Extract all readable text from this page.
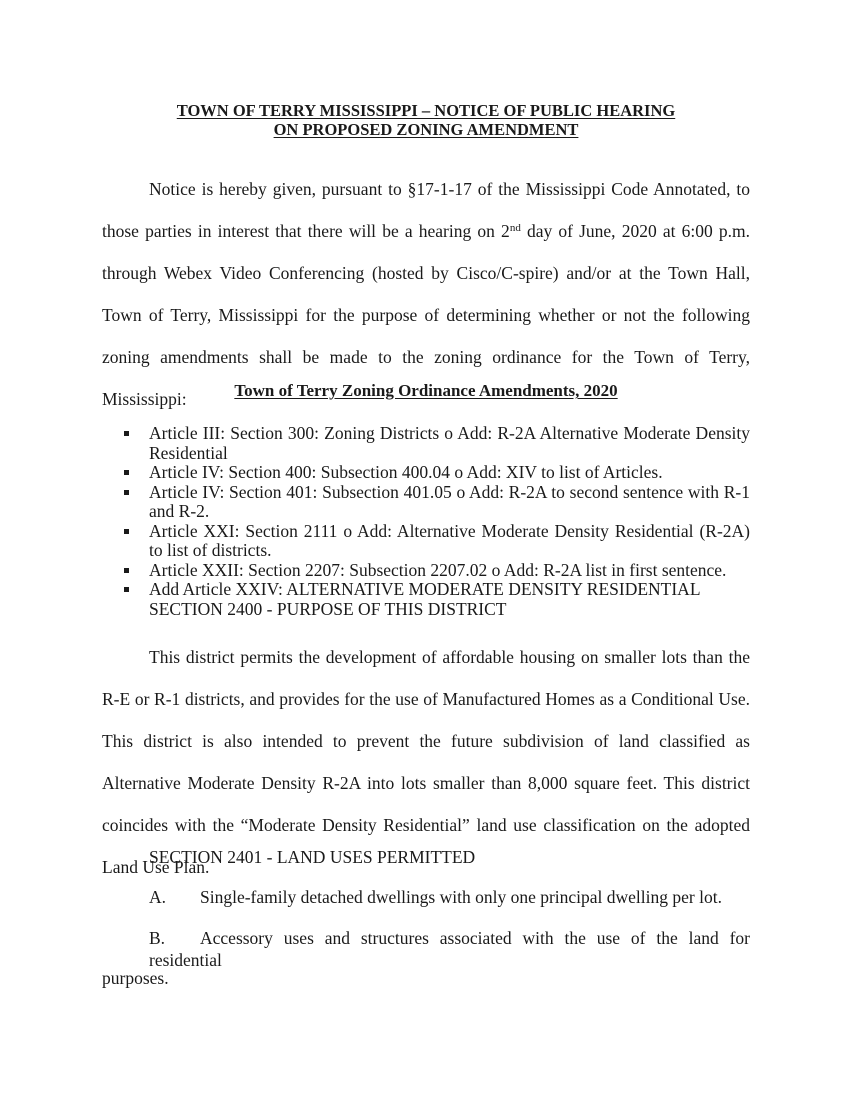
TOWN OF TERRY MISSISSIPPI – NOTICE OF PUBLIC HEARING
ON PROPOSED ZONING AMENDMENT
Notice is hereby given, pursuant to §17-1-17 of the Mississippi Code Annotated, to those parties in interest that there will be a hearing on 2nd day of June, 2020 at 6:00 p.m. through Webex Video Conferencing (hosted by Cisco/C-spire) and/or at the Town Hall, Town of Terry, Mississippi for the purpose of determining whether or not the following zoning amendments shall be made to the zoning ordinance for the Town of Terry, Mississippi:	Town of Terry Zoning Ordinance Amendments, 2020
Article III: Section 300: Zoning Districts o Add: R-2A Alternative Moderate Density Residential
Article IV: Section 400: Subsection 400.04 o Add: XIV to list of Articles.
Article IV: Section 401: Subsection 401.05 o Add: R-2A to second sentence with R-1 and R-2.
Article XXI: Section 2111 o Add: Alternative Moderate Density Residential (R-2A) to list of districts.
Article XXII: Section 2207: Subsection 2207.02 o Add: R-2A list in first sentence.
Add Article XXIV: ALTERNATIVE MODERATE DENSITY RESIDENTIAL SECTION 2400 - PURPOSE OF THIS DISTRICT
This district permits the development of affordable housing on smaller lots than the R-E or R-1 districts, and provides for the use of Manufactured Homes as a Conditional Use. This district is also intended to prevent the future subdivision of land classified as Alternative Moderate Density R-2A into lots smaller than 8,000 square feet. This district coincides with the “Moderate Density Residential” land use classification on the adopted Land Use Plan.
SECTION 2401 - LAND USES PERMITTED
A. Single-family detached dwellings with only one principal dwelling per lot.
B. Accessory uses and structures associated with the use of the land for residential
purposes.
